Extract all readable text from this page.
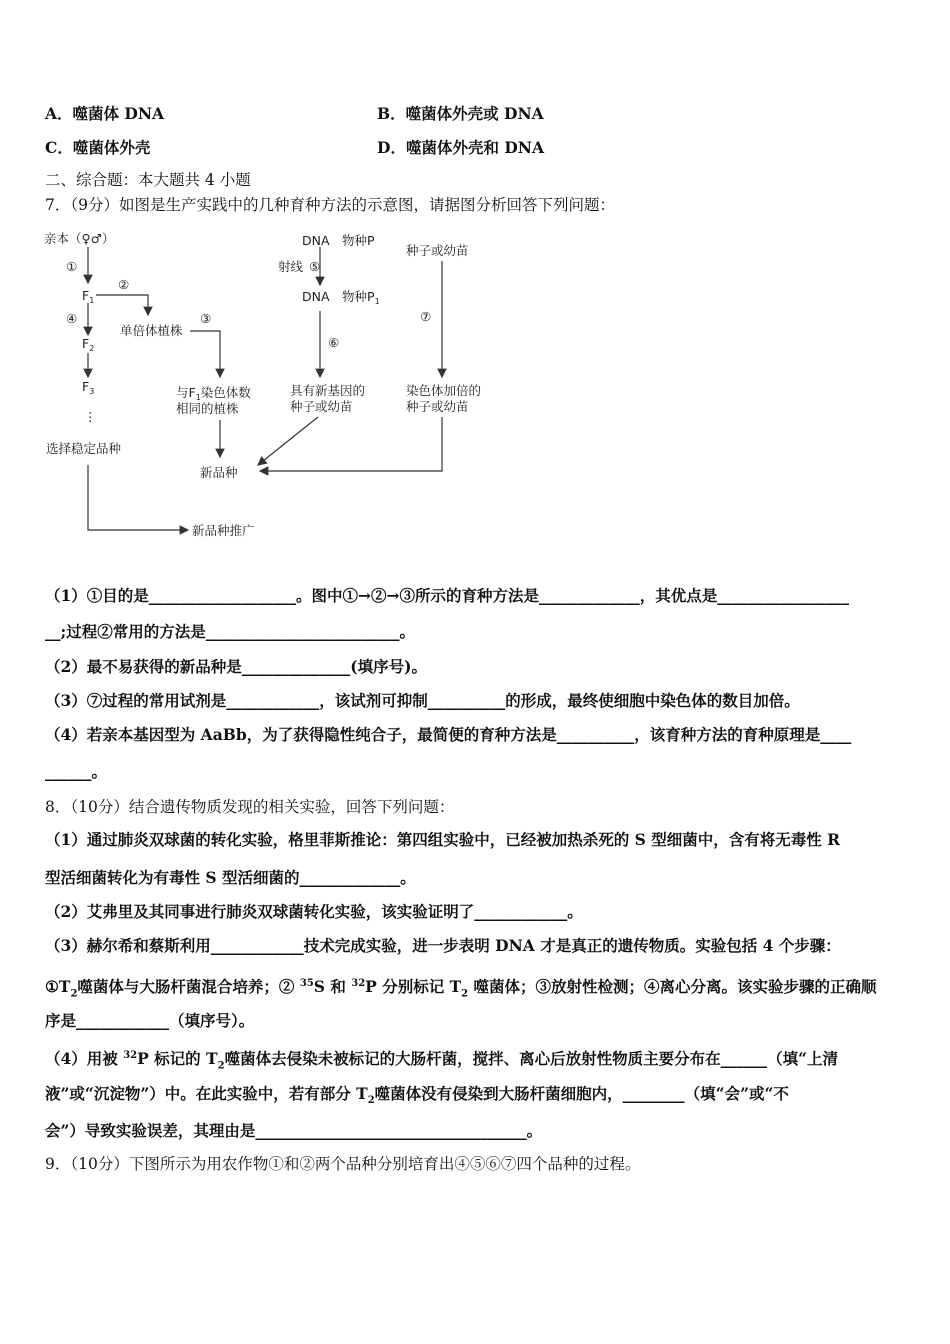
A．噬菌体 DNA	B．噬菌体外壳或 DNA
C．噬菌体外壳	D．噬菌体外壳和 DNA
二、综合题：本大题共 4 小题
7．（9分）如图是生产实践中的几种育种方法的示意图，请据图分析回答下列问题：
亲本（♀♂）
①
$F_1$
②
④
单倍体植株
③
$F_2$
$F_3$
⋮
选择稳定品种
与$F_1$染色体数
相同的植株
新品种
新品种推广
DNA　物种P
射线 ⑤
DNA　物种$P_1$
⑥
具有新基因的
种子或幼苗
种子或幼苗
⑦
染色体加倍的
种子或幼苗
（1）①目的是___________________。图中①→②→③所示的育种方法是_____________，其优点是_________________
__;过程②常用的方法是_________________________。
（2）最不易获得的新品种是______________(填序号)。
（3）⑦过程的常用试剂是____________，该试剂可抑制__________的形成，最终使细胞中染色体的数目加倍。
（4）若亲本基因型为 AaBb，为了获得隐性纯合子，最简便的育种方法是__________，该育种方法的育种原理是____
______。
8．（10分）结合遗传物质发现的相关实验，回答下列问题：
（1）通过肺炎双球菌的转化实验，格里菲斯推论：第四组实验中，已经被加热杀死的 S 型细菌中，含有将无毒性 R
型活细菌转化为有毒性 S 型活细菌的_____________。
（2）艾弗里及其同事进行肺炎双球菌转化实验，该实验证明了____________。
（3）赫尔希和蔡斯利用____________技术完成实验，进一步表明 DNA 才是真正的遗传物质。实验包括 4 个步骤：
$①T_2$噬菌体与大肠杆菌混合培养；② $^{35}$S 和 $^{32}$P 分别标记 $T_2$ 噬菌体；③放射性检测；④离心分离。该实验步骤的正确顺
序是____________（填序号）。
（4）用被 $^{32}$P 标记的 $T_2$噬菌体去侵染未被标记的大肠杆菌，搅拌、离心后放射性物质主要分布在______（填“上清
液”或“沉淀物”）中。在此实验中，若有部分 $T_2$噬菌体没有侵染到大肠杆菌细胞内，________（填“会”或“不
会”）导致实验误差，其理由是___________________________________。
9．（10分）下图所示为用农作物①和②两个品种分别培育出④⑤⑥⑦四个品种的过程。
